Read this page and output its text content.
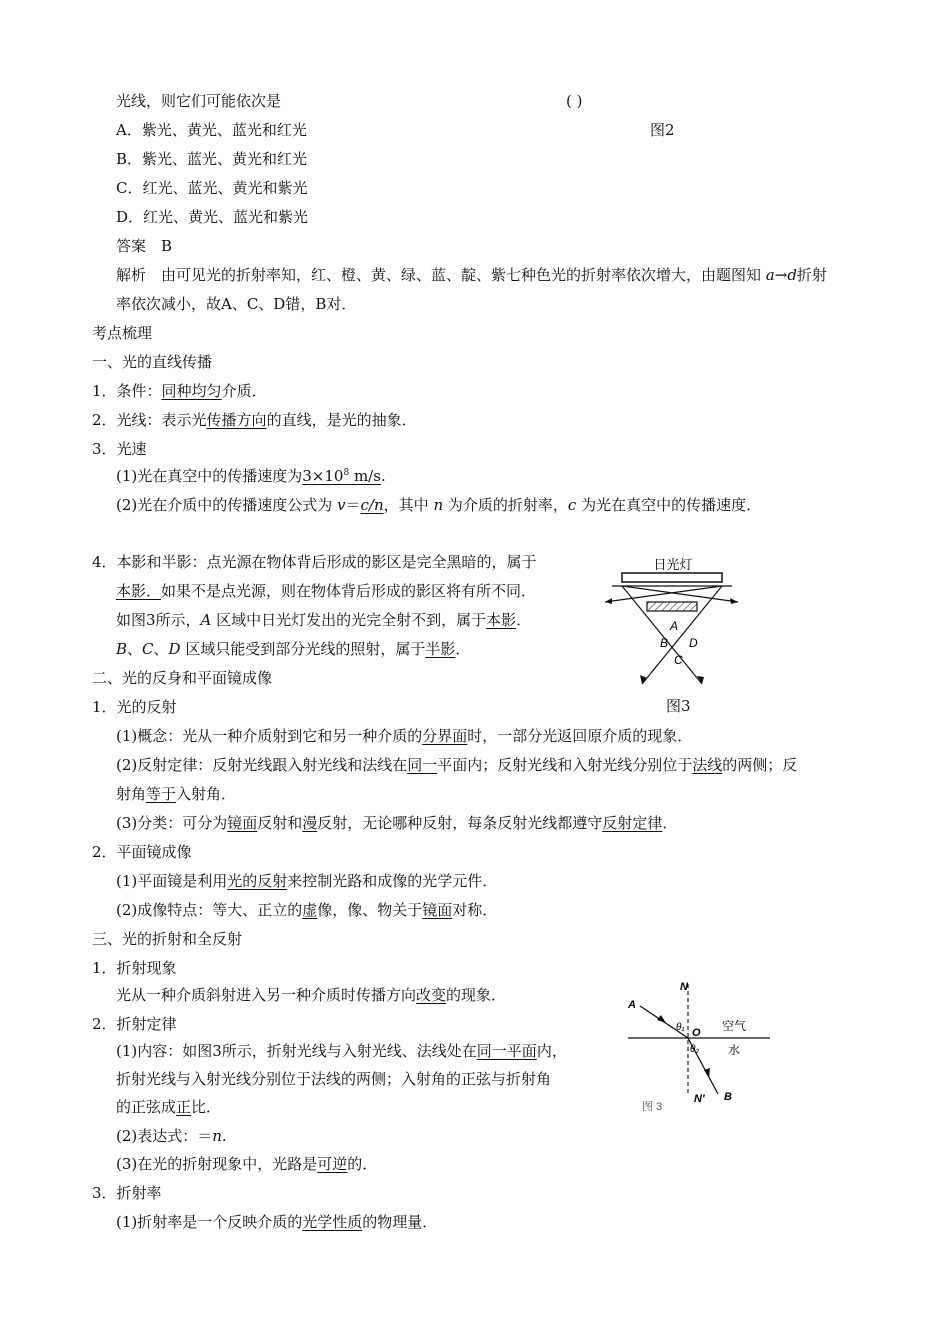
光线，则它们可能依次是	( )
A．紫光、黄光、蓝光和红光	图2
B．紫光、蓝光、黄光和红光
C．红光、蓝光、黄光和紫光
D．红光、黄光、蓝光和紫光
答案　B
解析　由可见光的折射率知，红、橙、黄、绿、蓝、靛、紫七种色光的折射率依次增大，由题图知 a→d折射
率依次减小，故A、C、D错，B对．
考点梳理
一、光的直线传播
1．条件：同种均匀介质．
2．光线：表示光传播方向的直线，是光的抽象．
3．光速
(1)光在真空中的传播速度为$3\times 10^8$ m/s.
(2)光在介质中的传播速度公式为 v＝c/n，其中 n 为介质的折射率，c 为光在真空中的传播速度．
4．本影和半影：点光源在物体背后形成的影区是完全黑暗的，属于
本影．如果不是点光源，则在物体背后形成的影区将有所不同．
如图3所示，A 区域中日光灯发出的光完全射不到，属于本影．
B、C、D 区域只能受到部分光线的照射，属于半影．
日光灯
A
B D
C
图3
二、光的反身和平面镜成像
1．光的反射
(1)概念：光从一种介质射到它和另一种介质的分界面时，一部分光返回原介质的现象．
(2)反射定律：反射光线跟入射光线和法线在同一平面内；反射光线和入射光线分别位于法线的两侧；反
射角等于入射角．
(3)分类：可分为镜面反射和漫反射，无论哪种反射，每条反射光线都遵守反射定律．
2．平面镜成像
(1)平面镜是利用光的反射来控制光路和成像的光学元件．
(2)成像特点：等大、正立的虚像，像、物关于镜面对称．
三、光的折射和全反射
1．折射现象
光从一种介质斜射进入另一种介质时传播方向改变的现象．
2．折射定律
(1)内容：如图3所示，折射光线与入射光线、法线处在同一平面内，
折射光线与入射光线分别位于法线的两侧；入射角的正弦与折射角
的正弦成正比．
(2)表达式：＝n.
(3)在光的折射现象中，光路是可逆的．
3．折射率
(1)折射率是一个反映介质的光学性质的物理量．
N
A
θ₁ O 空气
水
θ₂
N′ B
图 3
